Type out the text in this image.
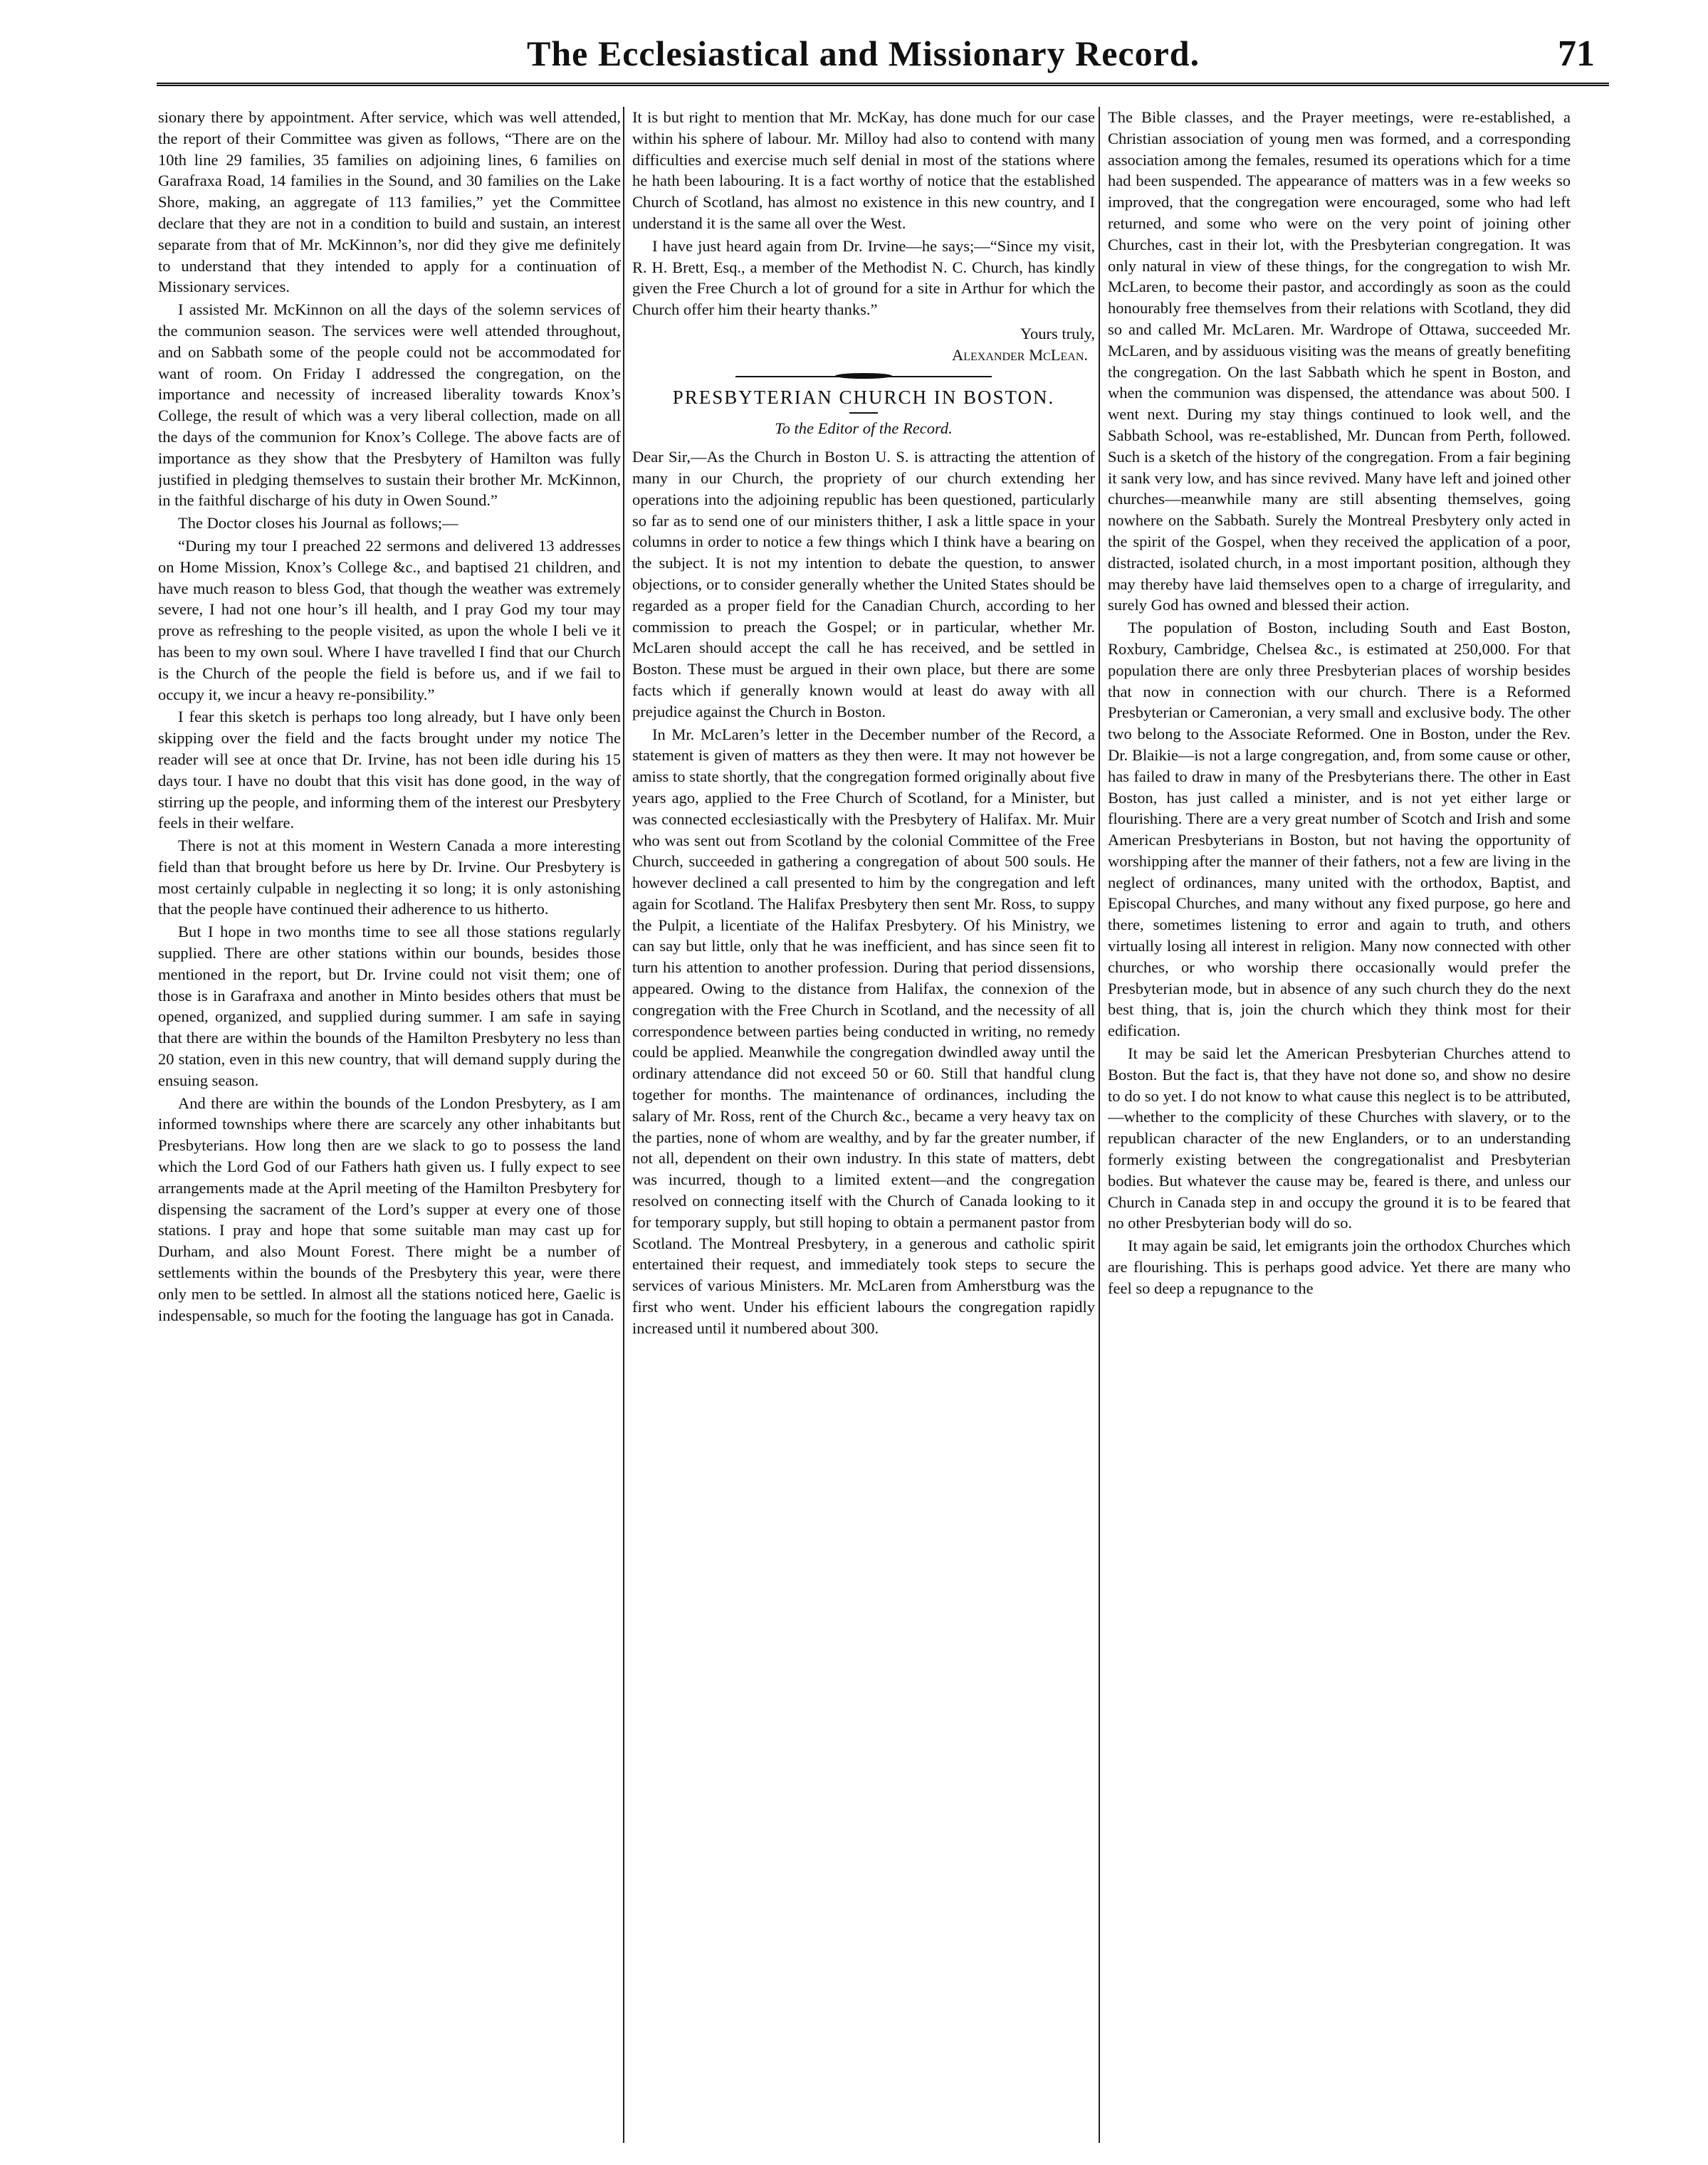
The Ecclesiastical and Missionary Record.	71

sionary there by appointment. After service, which was well attended, the report of their Committee was given as follows, “There are on the 10th line 29 families, 35 families on adjoining lines, 6 families on Garafraxa Road, 14 families in the Sound, and 30 families on the Lake Shore, making, an aggregate of 113 families,” yet the Committee declare that they are not in a condition to build and sustain, an interest separate from that of Mr. McKinnon’s, nor did they give me definitely to understand that they intended to apply for a continuation of Missionary services.

I assisted Mr. McKinnon on all the days of the solemn services of the communion season. The services were well attended throughout, and on Sabbath some of the people could not be accommodated for want of room. On Friday I addressed the congregation, on the importance and necessity of increased liberality towards Knox’s College, the result of which was a very liberal collection, made on all the days of the communion for Knox’s College. The above facts are of importance as they show that the Presbytery of Hamilton was fully justified in pledging themselves to sustain their brother Mr. McKinnon, in the faithful discharge of his duty in Owen Sound.”

The Doctor closes his Journal as follows;—

“During my tour I preached 22 sermons and delivered 13 addresses on Home Mission, Knox’s College &c., and baptised 21 children, and have much reason to bless God, that though the weather was extremely severe, I had not one hour’s ill health, and I pray God my tour may prove as refreshing to the people visited, as upon the whole I beli ve it has been to my own soul. Where I have travelled I find that our Church is the Church of the people the field is before us, and if we fail to occupy it, we incur a heavy re-ponsibility.”

I fear this sketch is perhaps too long already, but I have only been skipping over the field and the facts brought under my notice The reader will see at once that Dr. Irvine, has not been idle during his 15 days tour. I have no doubt that this visit has done good, in the way of stirring up the people, and informing them of the interest our Presbytery feels in their welfare.

There is not at this moment in Western Canada a more interesting field than that brought before us here by Dr. Irvine. Our Presbytery is most certainly culpable in neglecting it so long; it is only astonishing that the people have continued their adherence to us hitherto.

But I hope in two months time to see all those stations regularly supplied. There are other stations within our bounds, besides those mentioned in the report, but Dr. Irvine could not visit them; one of those is in Garafraxa and another in Minto besides others that must be opened, organized, and supplied during summer. I am safe in saying that there are within the bounds of the Hamilton Presbytery no less than 20 station, even in this new country, that will demand supply during the ensuing season.

And there are within the bounds of the London Presbytery, as I am informed townships where there are scarcely any other inhabitants but Presbyterians. How long then are we slack to go to possess the land which the Lord God of our Fathers hath given us. I fully expect to see arrangements made at the April meeting of the Hamilton Presbytery for dispensing the sacrament of the Lord’s supper at every one of those stations. I pray and hope that some suitable man may cast up for Durham, and also Mount Forest. There might be a number of settlements within the bounds of the Presbytery this year, were there only men to be settled. In almost all the stations noticed here, Gaelic is indespensable, so much for the footing the language has got in Canada.

It is but right to mention that Mr. McKay, has done much for our case within his sphere of labour. Mr. Milloy had also to contend with many difficulties and exercise much self denial in most of the stations where he hath been labouring. It is a fact worthy of notice that the established Church of Scotland, has almost no existence in this new country, and I understand it is the same all over the West.

I have just heard again from Dr. Irvine—he says;—“Since my visit, R. H. Brett, Esq., a member of the Methodist N. C. Church, has kindly given the Free Church a lot of ground for a site in Arthur for which the Church offer him their hearty thanks.”

Yours truly,
Alexander McLean.
PRESBYTERIAN CHURCH IN BOSTON.
To the Editor of the Record.

Dear Sir,—As the Church in Boston U. S. is attracting the attention of many in our Church, the propriety of our church extending her operations into the adjoining republic has been questioned, particularly so far as to send one of our ministers thither, I ask a little space in your columns in order to notice a few things which I think have a bearing on the subject. It is not my intention to debate the question, to answer objections, or to consider generally whether the United States should be regarded as a proper field for the Canadian Church, according to her commission to preach the Gospel; or in particular, whether Mr. McLaren should accept the call he has received, and be settled in Boston. These must be argued in their own place, but there are some facts which if generally known would at least do away with all prejudice against the Church in Boston.

In Mr. McLaren’s letter in the December number of the Record, a statement is given of matters as they then were. It may not however be amiss to state shortly, that the congregation formed originally about five years ago, applied to the Free Church of Scotland, for a Minister, but was connected ecclesiastically with the Presbytery of Halifax. Mr. Muir who was sent out from Scotland by the colonial Committee of the Free Church, succeeded in gathering a congregation of about 500 souls. He however declined a call presented to him by the congregation and left again for Scotland. The Halifax Presbytery then sent Mr. Ross, to suppy the Pulpit, a licentiate of the Halifax Presbytery. Of his Ministry, we can say but little, only that he was inefficient, and has since seen fit to turn his attention to another profession. During that period dissensions, appeared. Owing to the distance from Halifax, the connexion of the congregation with the Free Church in Scotland, and the necessity of all correspondence between parties being conducted in writing, no remedy could be applied. Meanwhile the congregation dwindled away until the ordinary attendance did not exceed 50 or 60. Still that handful clung together for months. The maintenance of ordinances, including the salary of Mr. Ross, rent of the Church &c., became a very heavy tax on the parties, none of whom are wealthy, and by far the greater number, if not all, dependent on their own industry. In this state of matters, debt was incurred, though to a limited extent—and the congregation resolved on connecting itself with the Church of Canada looking to it for temporary supply, but still hoping to obtain a permanent pastor from Scotland. The Montreal Presbytery, in a generous and catholic spirit entertained their request, and immediately took steps to secure the services of various Ministers. Mr. McLaren from Amherstburg was the first who went. Under his efficient labours the congregation rapidly increased until it numbered about 300.

The Bible classes, and the Prayer meetings, were re-established, a Christian association of young men was formed, and a corresponding association among the females, resumed its operations which for a time had been suspended. The appearance of matters was in a few weeks so improved, that the congregation were encouraged, some who had left returned, and some who were on the very point of joining other Churches, cast in their lot, with the Presbyterian congregation. It was only natural in view of these things, for the congregation to wish Mr. McLaren, to become their pastor, and accordingly as soon as the could honourably free themselves from their relations with Scotland, they did so and called Mr. McLaren. Mr. Wardrope of Ottawa, succeeded Mr. McLaren, and by assiduous visiting was the means of greatly benefiting the congregation. On the last Sabbath which he spent in Boston, and when the communion was dispensed, the attendance was about 500. I went next. During my stay things continued to look well, and the Sabbath School, was re-established, Mr. Duncan from Perth, followed. Such is a sketch of the history of the congregation. From a fair begining it sank very low, and has since revived. Many have left and joined other churches—meanwhile many are still absenting themselves, going nowhere on the Sabbath. Surely the Montreal Presbytery only acted in the spirit of the Gospel, when they received the application of a poor, distracted, isolated church, in a most important position, although they may thereby have laid themselves open to a charge of irregularity, and surely God has owned and blessed their action.

The population of Boston, including South and East Boston, Roxbury, Cambridge, Chelsea &c., is estimated at 250,000. For that population there are only three Presbyterian places of worship besides that now in connection with our church. There is a Reformed Presbyterian or Cameronian, a very small and exclusive body. The other two belong to the Associate Reformed. One in Boston, under the Rev. Dr. Blaikie—is not a large congregation, and, from some cause or other, has failed to draw in many of the Presbyterians there. The other in East Boston, has just called a minister, and is not yet either large or flourishing. There are a very great number of Scotch and Irish and some American Presbyterians in Boston, but not having the opportunity of worshipping after the manner of their fathers, not a few are living in the neglect of ordinances, many united with the orthodox, Baptist, and Episcopal Churches, and many without any fixed purpose, go here and there, sometimes listening to error and again to truth, and others virtually losing all interest in religion. Many now connected with other churches, or who worship there occasionally would prefer the Presbyterian mode, but in absence of any such church they do the next best thing, that is, join the church which they think most for their edification.

It may be said let the American Presbyterian Churches attend to Boston. But the fact is, that they have not done so, and show no desire to do so yet. I do not know to what cause this neglect is to be attributed,—whether to the complicity of these Churches with slavery, or to the republican character of the new Englanders, or to an understanding formerly existing between the congregationalist and Presbyterian bodies. But whatever the cause may be, feared is there, and unless our Church in Canada step in and occupy the ground it is to be feared that no other Presbyterian body will do so.

It may again be said, let emigrants join the orthodox Churches which are flourishing. This is perhaps good advice. Yet there are many who feel so deep a repugnance to the
